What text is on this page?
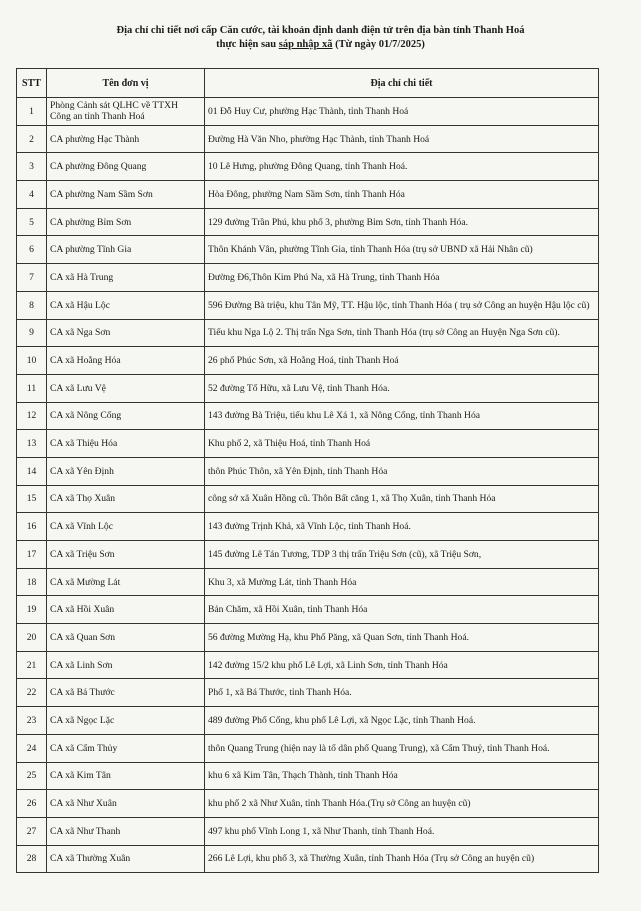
Địa chỉ chi tiết nơi cấp Căn cước, tài khoản định danh điện tử trên địa bàn tỉnh Thanh Hoá
thực hiện sau sáp nhập xã (Từ ngày 01/7/2025)
STT	Tên đơn vị	Địa chỉ chi tiết
1	Phòng Cảnh sát QLHC về TTXH Công an tỉnh Thanh Hoá	01 Đỗ Huy Cư, phường Hạc Thành, tỉnh Thanh Hoá
2	CA phường Hạc Thành	Đường Hà Văn Nho, phường Hạc Thành, tỉnh Thanh Hoá
3	CA phường Đông Quang	10 Lê Hưng, phường Đông Quang, tỉnh Thanh Hoá.
4	CA phường Nam Sầm Sơn	Hòa Đông, phường Nam Sầm Sơn, tỉnh Thanh Hóa
5	CA phường Bỉm Sơn	129 đường Trần Phú, khu phố 3, phường Bỉm Sơn, tỉnh Thanh Hóa.
6	CA phường Tĩnh Gia	Thôn Khánh Vân, phường Tĩnh Gia, tỉnh Thanh Hóa (trụ sở UBND xã Hải Nhân cũ)
7	CA xã Hà Trung	Đường Đ6,Thôn Kim Phú Na, xã Hà Trung, tỉnh Thanh Hóa
8	CA xã Hậu Lộc	596 Đường Bà triệu, khu Tân Mỹ, TT. Hậu lộc, tỉnh Thanh Hóa ( trụ sở Công an huyện Hậu lộc cũ)
9	CA xã Nga Sơn	Tiểu khu Nga Lộ 2. Thị trấn Nga Sơn, tỉnh Thanh Hóa (trụ sở Công an Huyện Nga Sơn cũ).
10	CA xã Hoằng Hóa	26 phố Phúc Sơn, xã Hoằng Hoá, tỉnh Thanh Hoá
11	CA xã Lưu Vệ	52 đường Tố Hữu, xã Lưu Vệ, tỉnh Thanh Hóa.
12	CA xã Nông Cống	143 đường Bà Triệu, tiểu khu Lê Xá 1, xã Nông Cống, tỉnh Thanh Hóa
13	CA xã Thiệu Hóa	Khu phố 2, xã Thiệu Hoá, tỉnh Thanh Hoá
14	CA xã Yên Định	thôn Phúc Thôn, xã Yên Định, tỉnh Thanh Hóa
15	CA xã Thọ Xuân	công sở xã Xuân Hồng cũ. Thôn Bất căng 1, xã Thọ Xuân, tỉnh Thanh Hóa
16	CA xã Vĩnh Lộc	143 đường Trịnh Khả, xã Vĩnh Lộc, tỉnh Thanh Hoá.
17	CA xã Triệu Sơn	145 đường Lê Tán Tương, TDP 3 thị trấn Triệu Sơn (cũ), xã Triệu Sơn,
18	CA xã Mường Lát	Khu 3, xã Mường Lát, tỉnh Thanh Hóa
19	CA xã Hồi Xuân	Bản Chăm, xã Hồi Xuân, tỉnh Thanh Hóa
20	CA xã Quan Sơn	56 đường Mường Hạ, khu Phố Păng, xã Quan Sơn, tỉnh Thanh Hoá.
21	CA xã Linh Sơn	142 đường 15/2 khu phố Lê Lợi, xã Linh Sơn, tỉnh Thanh Hóa
22	CA xã Bá Thước	Phố 1, xã Bá Thước, tỉnh Thanh Hóa.
23	CA xã Ngọc Lặc	489 đường Phố Cống, khu phố Lê Lợi, xã Ngọc Lặc, tỉnh Thanh Hoá.
24	CA xã Cẩm Thủy	thôn Quang Trung (hiện nay là tổ dân phố Quang Trung), xã Cẩm Thuỷ, tỉnh Thanh Hoá.
25	CA xã Kim Tân	khu 6 xã Kim Tân, Thạch Thành, tỉnh Thanh Hóa
26	CA xã Như Xuân	khu phố 2 xã Như Xuân, tỉnh Thanh Hóa.(Trụ sở Công an huyện cũ)
27	CA xã Như Thanh	497 khu phố Vĩnh Long 1, xã Như Thanh, tỉnh Thanh Hoá.
28	CA xã Thường Xuân	266 Lê Lợi, khu phố 3, xã Thường Xuân, tỉnh Thanh Hóa (Trụ sở Công an huyện cũ)
